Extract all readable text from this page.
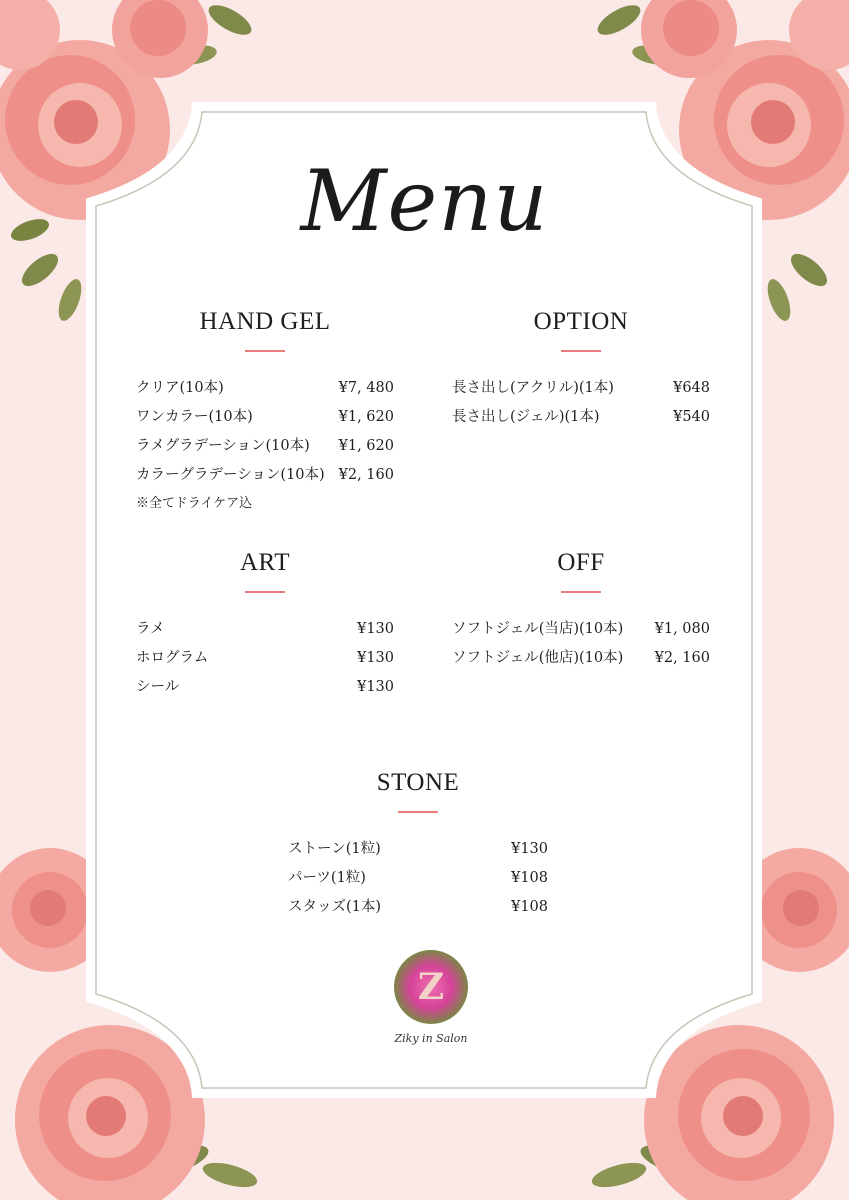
Menu
HAND GEL
クリア(10本)	¥7, 480
ワンカラー(10本)	¥1, 620
ラメグラデーション(10本) ¥1, 620
カラーグラデーション(10本) ¥2, 160
※全てドライケア込
OPTION
長さ出し(アクリル)(1本)	¥648
長さ出し(ジェル)(1本)	¥540
ART
ラメ	¥130
ホログラム	¥130
シール	¥130
OFF
ソフトジェル(当店)(10本) ¥1, 080
ソフトジェル(他店)(10本) ¥2, 160
STONE
ストーン(1粒)	¥130
パーツ(1粒)	¥108
スタッズ(1本)	¥108
Z
Ziky in Salon
